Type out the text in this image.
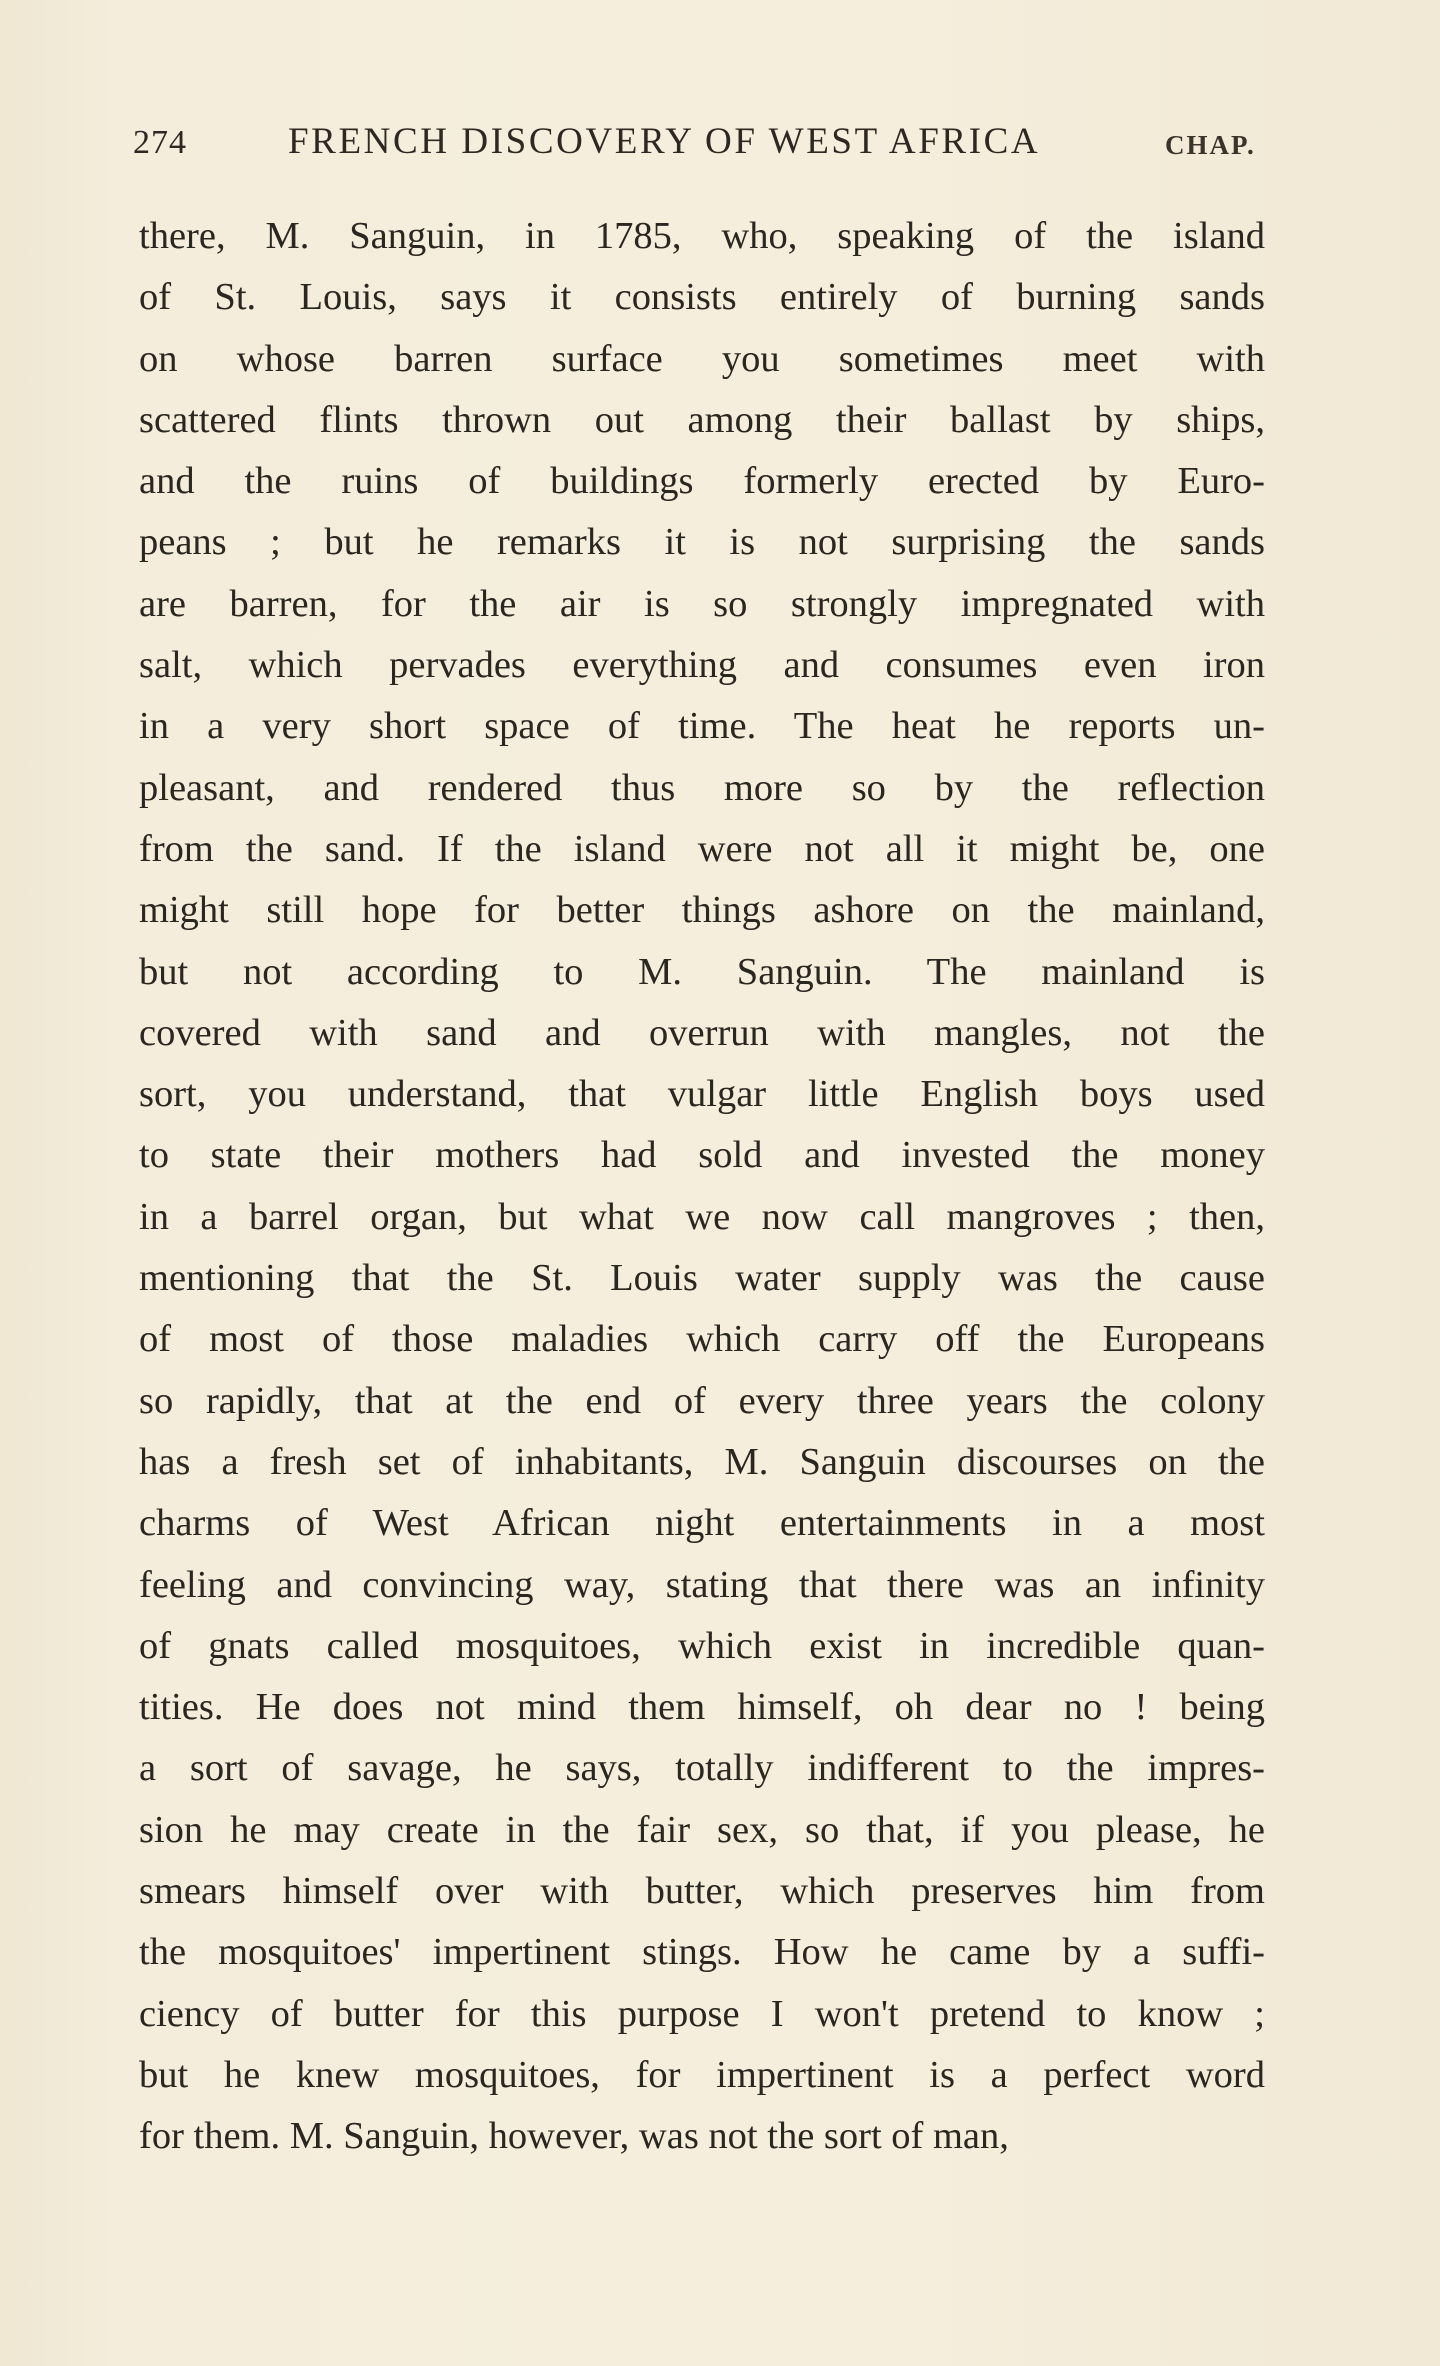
274	FRENCH DISCOVERY OF WEST AFRICA	CHAP.
there, M. Sanguin, in 1785, who, speaking of the island
of St. Louis, says it consists entirely of burning sands
on whose barren surface you sometimes meet with
scattered flints thrown out among their ballast by ships,
and the ruins of buildings formerly erected by Euro-
peans ; but he remarks it is not surprising the sands
are barren, for the air is so strongly impregnated with
salt, which pervades everything and consumes even iron
in a very short space of time. The heat he reports un-
pleasant, and rendered thus more so by the reflection
from the sand. If the island were not all it might be, one
might still hope for better things ashore on the mainland,
but not according to M. Sanguin. The mainland is
covered with sand and overrun with mangles, not the
sort, you understand, that vulgar little English boys used
to state their mothers had sold and invested the money
in a barrel organ, but what we now call mangroves ; then,
mentioning that the St. Louis water supply was the cause
of most of those maladies which carry off the Europeans
so rapidly, that at the end of every three years the colony
has a fresh set of inhabitants, M. Sanguin discourses on the
charms of West African night entertainments in a most
feeling and convincing way, stating that there was an infinity
of gnats called mosquitoes, which exist in incredible quan-
tities. He does not mind them himself, oh dear no ! being
a sort of savage, he says, totally indifferent to the impres-
sion he may create in the fair sex, so that, if you please, he
smears himself over with butter, which preserves him from
the mosquitoes' impertinent stings. How he came by a suffi-
ciency of butter for this purpose I won't pretend to know ;
but he knew mosquitoes, for impertinent is a perfect word
for them. M. Sanguin, however, was not the sort of man,
